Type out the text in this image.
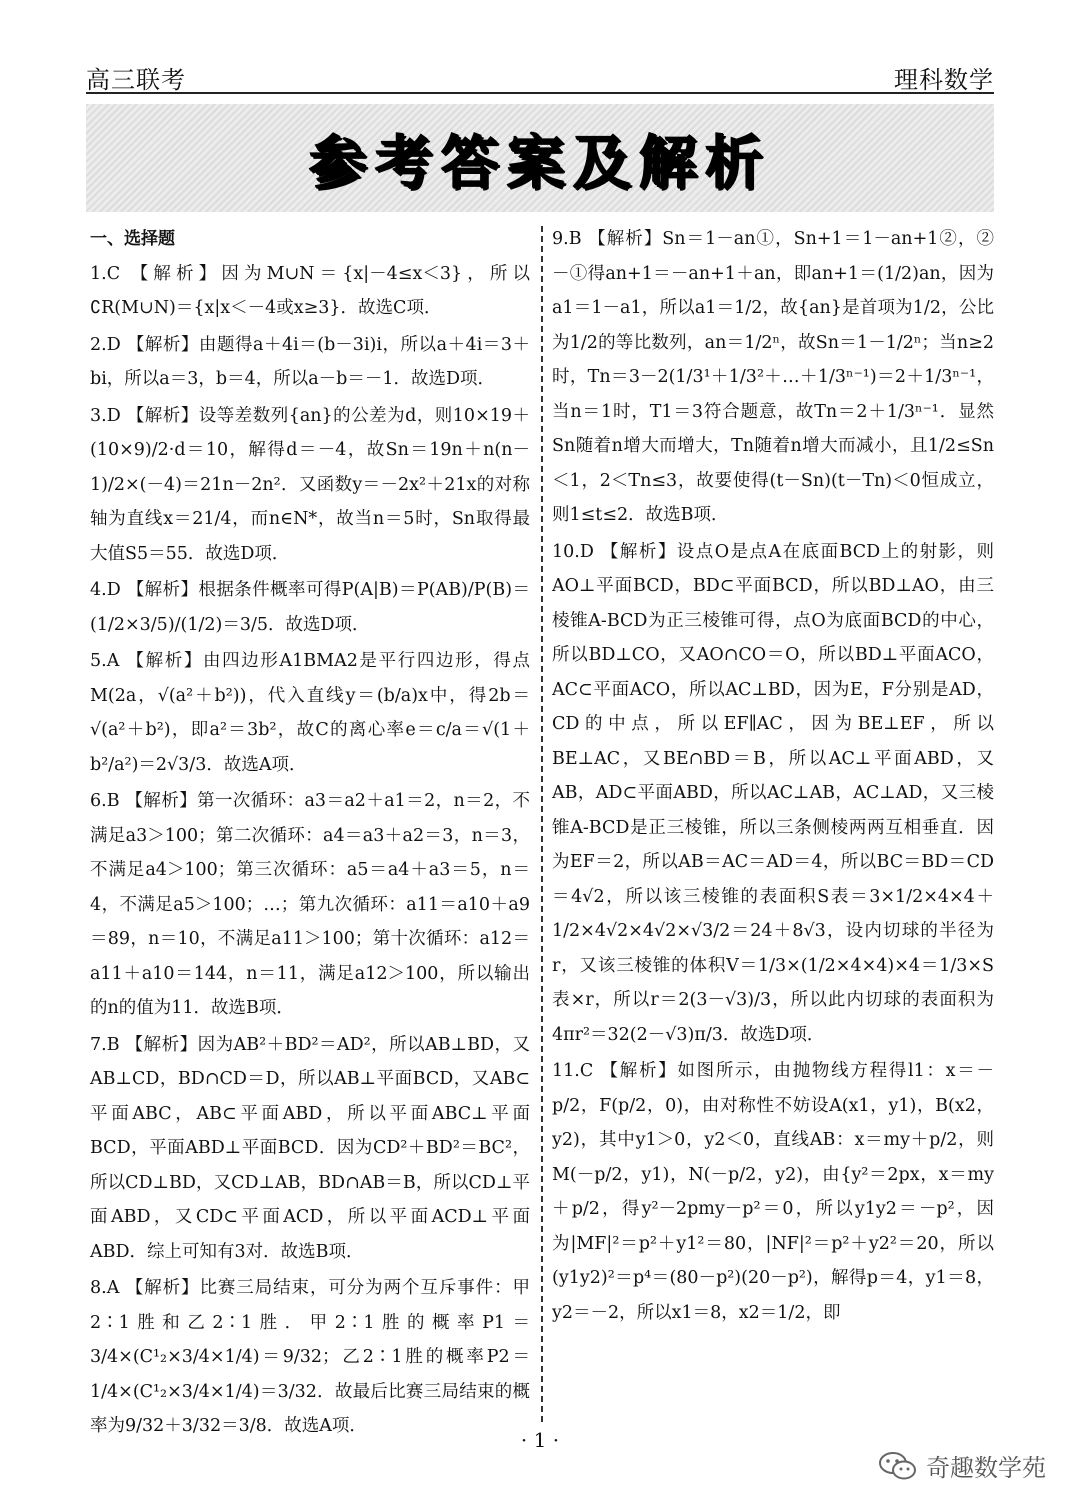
高三联考	理科数学
参考答案及解析
一、选择题
1.C 【解析】因为M∪N＝{x|－4≤x＜3}，所以∁R(M∪N)＝{x|x＜－4或x≥3}．故选C项．
2.D 【解析】由题得a＋4i＝(b－3i)i，所以a＋4i＝3＋bi，所以a＝3，b＝4，所以a－b＝－1．故选D项．
3.D 【解析】设等差数列{an}的公差为d，则10×19＋(10×9)/2·d＝10，解得d＝－4，故Sn＝19n＋n(n－1)/2×(－4)＝21n－2n²．又函数y＝－2x²＋21x的对称轴为直线x＝21/4，而n∈N*，故当n＝5时，Sn取得最大值S5＝55．故选D项．
4.D 【解析】根据条件概率可得P(A|B)＝P(AB)/P(B)＝(1/2×3/5)/(1/2)＝3/5．故选D项．
5.A 【解析】由四边形A1BMA2是平行四边形，得点M(2a，√(a²＋b²))，代入直线y＝(b/a)x中，得2b＝√(a²＋b²)，即a²＝3b²，故C的离心率e＝c/a＝√(1＋b²/a²)＝2√3/3．故选A项．
6.B 【解析】第一次循环：a3＝a2＋a1＝2，n＝2，不满足a3＞100；第二次循环：a4＝a3＋a2＝3，n＝3，不满足a4＞100；第三次循环：a5＝a4＋a3＝5，n＝4，不满足a5＞100；…；第九次循环：a11＝a10＋a9＝89，n＝10，不满足a11＞100；第十次循环：a12＝a11＋a10＝144，n＝11，满足a12＞100，所以输出的n的值为11．故选B项．
7.B 【解析】因为AB²＋BD²＝AD²，所以AB⊥BD，又AB⊥CD，BD∩CD＝D，所以AB⊥平面BCD，又AB⊂平面ABC，AB⊂平面ABD，所以平面ABC⊥平面BCD，平面ABD⊥平面BCD．因为CD²＋BD²＝BC²，所以CD⊥BD，又CD⊥AB，BD∩AB＝B，所以CD⊥平面ABD，又CD⊂平面ACD，所以平面ACD⊥平面ABD．综上可知有3对．故选B项．
8.A 【解析】比赛三局结束，可分为两个互斥事件：甲2∶1胜和乙2∶1胜．甲2∶1胜的概率P1＝3/4×(C¹₂×3/4×1/4)＝9/32；乙2∶1胜的概率P2＝1/4×(C¹₂×3/4×1/4)＝3/32．故最后比赛三局结束的概率为9/32＋3/32＝3/8．故选A项．
9.B 【解析】Sn＝1－an①，Sn+1＝1－an+1②，②－①得an+1＝－an+1＋an，即an+1＝(1/2)an，因为a1＝1－a1，所以a1＝1/2，故{an}是首项为1/2，公比为1/2的等比数列，an＝1/2ⁿ，故Sn＝1－1/2ⁿ；当n≥2时，Tn＝3－2(1/3¹＋1/3²＋…＋1/3ⁿ⁻¹)＝2＋1/3ⁿ⁻¹，当n＝1时，T1＝3符合题意，故Tn＝2＋1/3ⁿ⁻¹．显然Sn随着n增大而增大，Tn随着n增大而减小，且1/2≤Sn＜1，2＜Tn≤3，故要使得(t－Sn)(t－Tn)＜0恒成立，则1≤t≤2．故选B项．
10.D 【解析】设点O是点A在底面BCD上的射影，则AO⊥平面BCD，BD⊂平面BCD，所以BD⊥AO，由三棱锥A-BCD为正三棱锥可得，点O为底面BCD的中心，所以BD⊥CO，又AO∩CO＝O，所以BD⊥平面ACO，AC⊂平面ACO，所以AC⊥BD，因为E，F分别是AD，CD的中点，所以EF∥AC，因为BE⊥EF，所以BE⊥AC，又BE∩BD＝B，所以AC⊥平面ABD，又AB，AD⊂平面ABD，所以AC⊥AB，AC⊥AD，又三棱锥A-BCD是正三棱锥，所以三条侧棱两两互相垂直．因为EF＝2，所以AB＝AC＝AD＝4，所以BC＝BD＝CD＝4√2，所以该三棱锥的表面积S表＝3×1/2×4×4＋1/2×4√2×4√2×√3/2＝24＋8√3，设内切球的半径为r，又该三棱锥的体积V＝1/3×(1/2×4×4)×4＝1/3×S表×r，所以r＝2(3－√3)/3，所以此内切球的表面积为4πr²＝32(2－√3)π/3．故选D项．
11.C 【解析】如图所示，由抛物线方程得l1：x＝－p/2，F(p/2，0)，由对称性不妨设A(x1，y1)，B(x2，y2)，其中y1＞0，y2＜0，直线AB：x＝my＋p/2，则M(－p/2，y1)，N(－p/2，y2)，由{y²＝2px，x＝my＋p/2，得y²－2pmy－p²＝0，所以y1y2＝－p²，因为|MF|²＝p²＋y1²＝80，|NF|²＝p²＋y2²＝20，所以(y1y2)²＝p⁴＝(80－p²)(20－p²)，解得p＝4，y1＝8，y2＝－2，所以x1＝8，x2＝1/2，即
· 1 ·
奇趣数学苑
